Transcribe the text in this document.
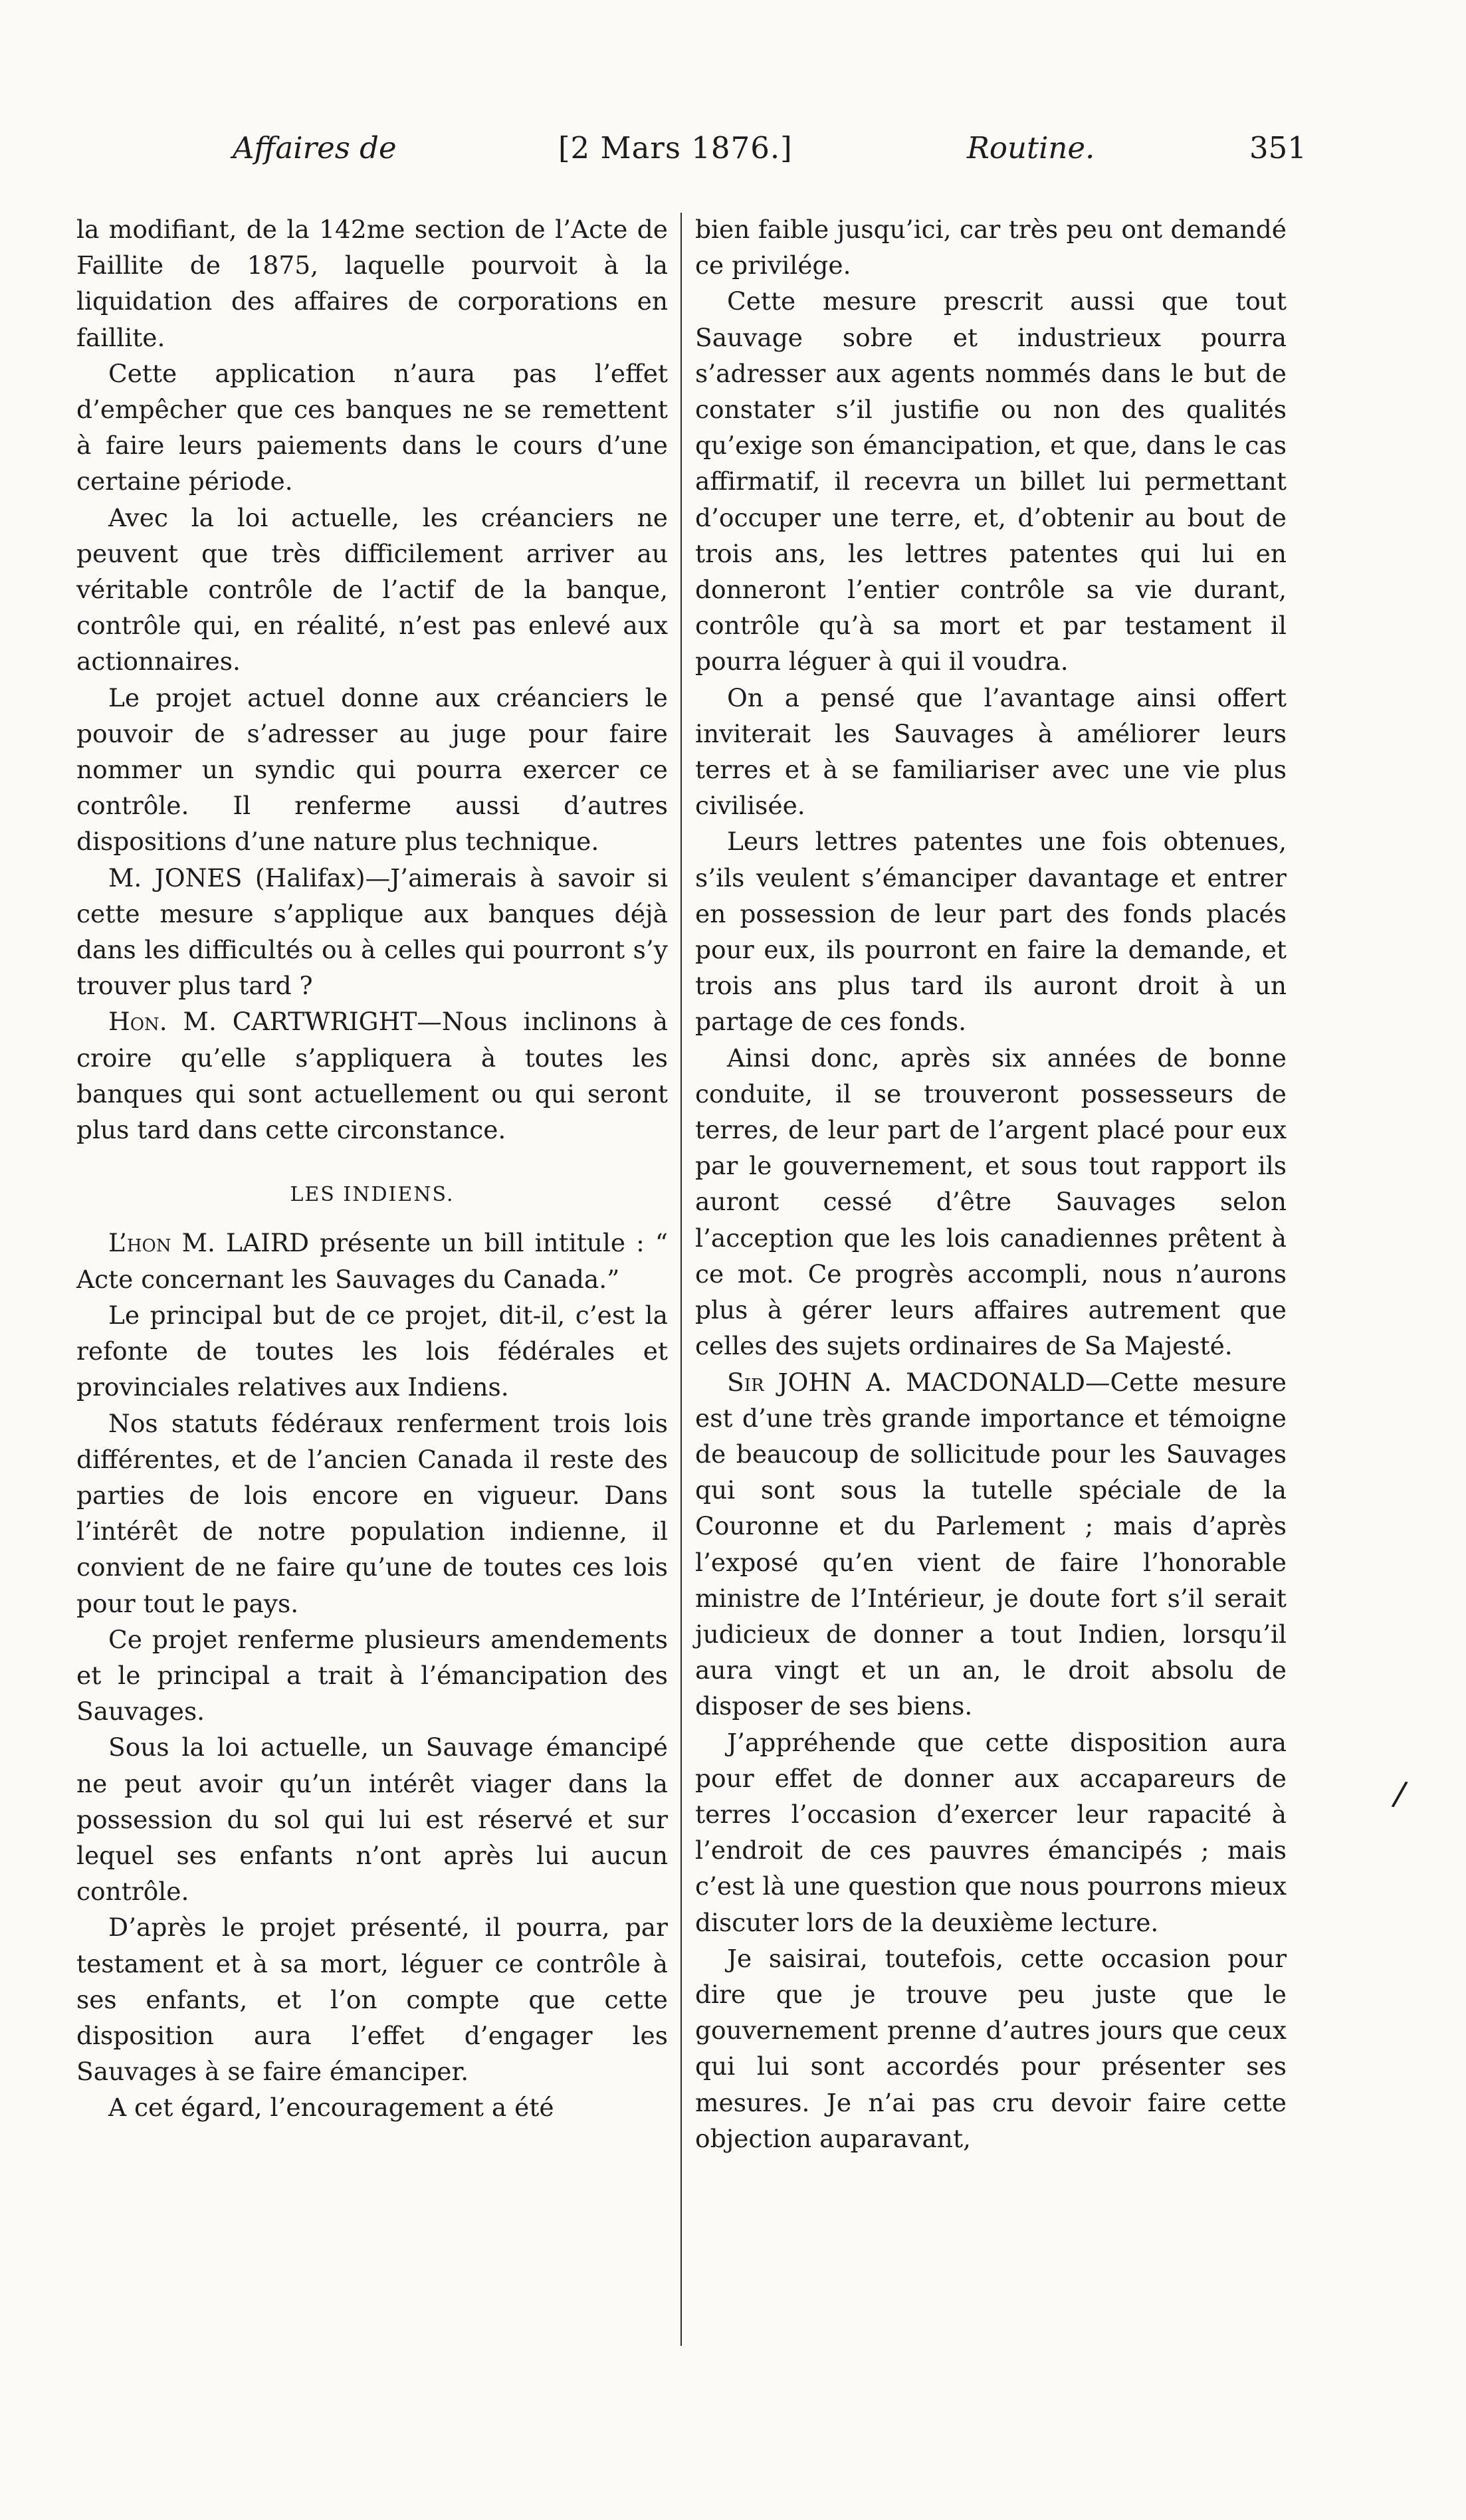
Affaires de	[2 Mars 1876.]	Routine.	351

la modifiant, de la 142me section de l’Acte de Faillite de 1875, laquelle pourvoit à la liquidation des affaires de corporations en faillite.

Cette application n’aura pas l’effet d’empêcher que ces banques ne se remettent à faire leurs paiements dans le cours d’une certaine période.

Avec la loi actuelle, les créanciers ne peuvent que très difficilement arriver au véritable contrôle de l’actif de la banque, contrôle qui, en réalité, n’est pas enlevé aux actionnaires.

Le projet actuel donne aux créanciers le pouvoir de s’adresser au juge pour faire nommer un syndic qui pourra exercer ce contrôle. Il renferme aussi d’autres dispositions d’une nature plus technique.

M. JONES (Halifax)—J’aimerais à savoir si cette mesure s’applique aux banques déjà dans les difficultés ou à celles qui pourront s’y trouver plus tard ?

Hon. M. CARTWRIGHT—Nous inclinons à croire qu’elle s’appliquera à toutes les banques qui sont actuellement ou qui seront plus tard dans cette circonstance.

LES INDIENS.

L’hon M. LAIRD présente un bill intitule : “ Acte concernant les Sauvages du Canada.”

Le principal but de ce projet, dit-il, c’est la refonte de toutes les lois fédérales et provinciales relatives aux Indiens.

Nos statuts fédéraux renferment trois lois différentes, et de l’ancien Canada il reste des parties de lois encore en vigueur. Dans l’intérêt de notre population indienne, il convient de ne faire qu’une de toutes ces lois pour tout le pays.

Ce projet renferme plusieurs amendements et le principal a trait à l’émancipation des Sauvages.

Sous la loi actuelle, un Sauvage émancipé ne peut avoir qu’un intérêt viager dans la possession du sol qui lui est réservé et sur lequel ses enfants n’ont après lui aucun contrôle.

D’après le projet présenté, il pourra, par testament et à sa mort, léguer ce contrôle à ses enfants, et l’on compte que cette disposition aura l’effet d’engager les Sauvages à se faire émanciper.

A cet égard, l’encouragement a été

bien faible jusqu’ici, car très peu ont demandé ce privilége.

Cette mesure prescrit aussi que tout Sauvage sobre et industrieux pourra s’adresser aux agents nommés dans le but de constater s’il justifie ou non des qualités qu’exige son émancipation, et que, dans le cas affirmatif, il recevra un billet lui permettant d’occuper une terre, et, d’obtenir au bout de trois ans, les lettres patentes qui lui en donneront l’entier contrôle sa vie durant, contrôle qu’à sa mort et par testament il pourra léguer à qui il voudra.

On a pensé que l’avantage ainsi offert inviterait les Sauvages à améliorer leurs terres et à se familiariser avec une vie plus civilisée.

Leurs lettres patentes une fois obtenues, s’ils veulent s’émanciper davantage et entrer en possession de leur part des fonds placés pour eux, ils pourront en faire la demande, et trois ans plus tard ils auront droit à un partage de ces fonds.

Ainsi donc, après six années de bonne conduite, il se trouveront possesseurs de terres, de leur part de l’argent placé pour eux par le gouvernement, et sous tout rapport ils auront cessé d’être Sauvages selon l’acception que les lois canadiennes prêtent à ce mot. Ce progrès accompli, nous n’aurons plus à gérer leurs affaires autrement que celles des sujets ordinaires de Sa Majesté.

Sir JOHN A. MACDONALD—Cette mesure est d’une très grande importance et témoigne de beaucoup de sollicitude pour les Sauvages qui sont sous la tutelle spéciale de la Couronne et du Parlement ; mais d’après l’exposé qu’en vient de faire l’honorable ministre de l’Intérieur, je doute fort s’il serait judicieux de donner a tout Indien, lorsqu’il aura vingt et un an, le droit absolu de disposer de ses biens.

J’appréhende que cette disposition aura pour effet de donner aux accapareurs de terres l’occasion d’exercer leur rapacité à l’endroit de ces pauvres émancipés ; mais c’est là une question que nous pourrons mieux discuter lors de la deuxième lecture.

Je saisirai, toutefois, cette occasion pour dire que je trouve peu juste que le gouvernement prenne d’autres jours que ceux qui lui sont accordés pour présenter ses mesures. Je n’ai pas cru devoir faire cette objection auparavant,

/
